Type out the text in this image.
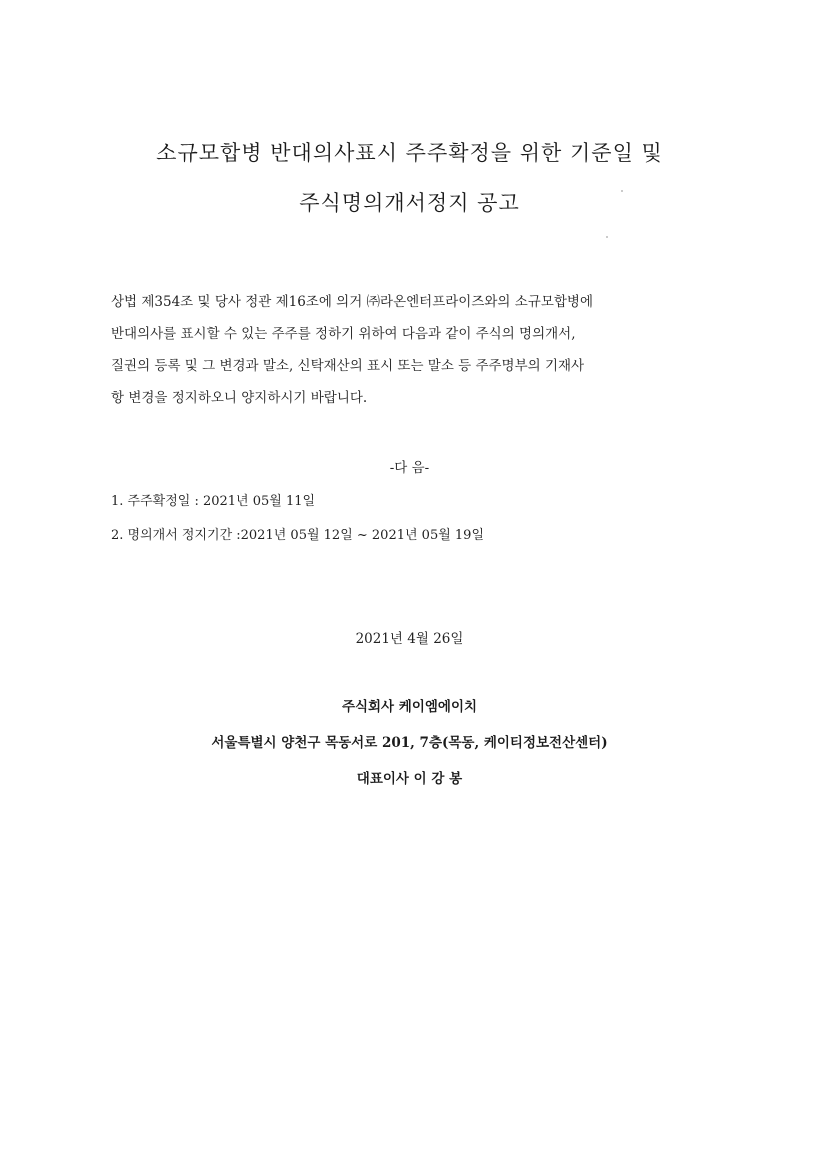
소규모합병 반대의사표시 주주확정을 위한 기준일 및
주식명의개서정지 공고

상법 제354조 및 당사 정관 제16조에 의거 ㈜라온엔터프라이즈와의 소규모합병에

반대의사를 표시할 수 있는 주주를 정하기 위하여 다음과 같이 주식의 명의개서,

질권의 등록 및 그 변경과 말소, 신탁재산의 표시 또는 말소 등 주주명부의 기재사

항 변경을 정지하오니 양지하시기 바랍니다.

-다 음-

1. 주주확정일 : 2021년 05월 11일

2. 명의개서 정지기간 :2021년 05월 12일 ~ 2021년 05월 19일

2021년 4월 26일

주식회사 케이엠에이치

서울특별시 양천구 목동서로 201, 7층(목동, 케이티정보전산센터)

대표이사 이 강 봉
